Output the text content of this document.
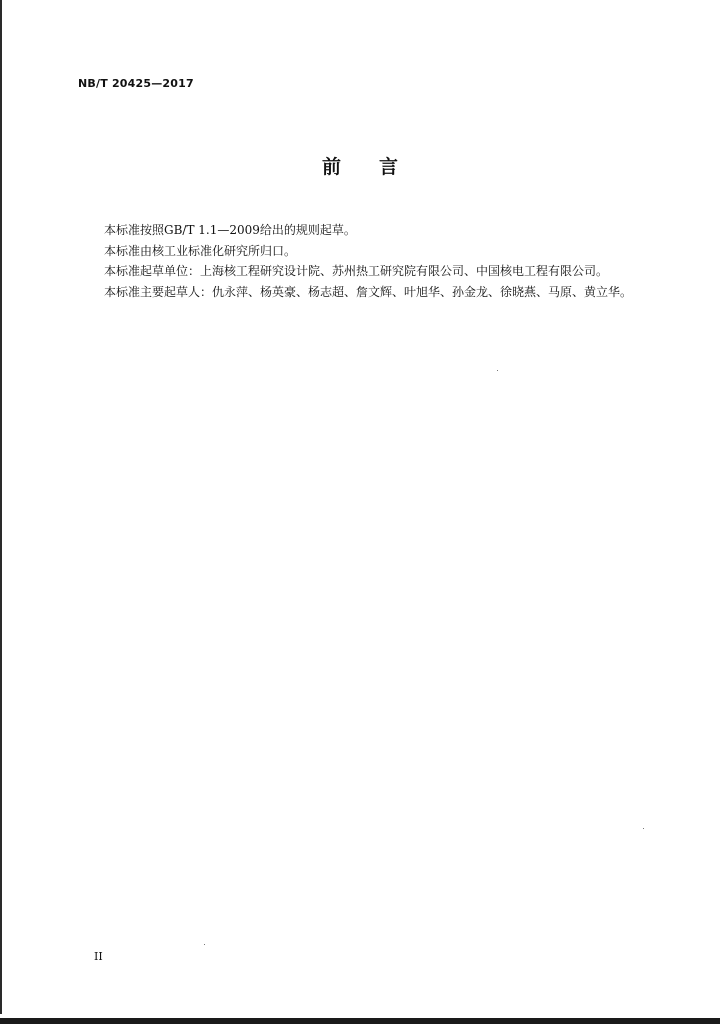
NB/T 20425—2017
前 言
本标准按照GB/T 1.1—2009给出的规则起草。
本标准由核工业标准化研究所归口。
本标准起草单位：上海核工程研究设计院、苏州热工研究院有限公司、中国核电工程有限公司。
本标准主要起草人：仇永萍、杨英豪、杨志超、詹文辉、叶旭华、孙金龙、徐晓燕、马原、黄立华。
II
